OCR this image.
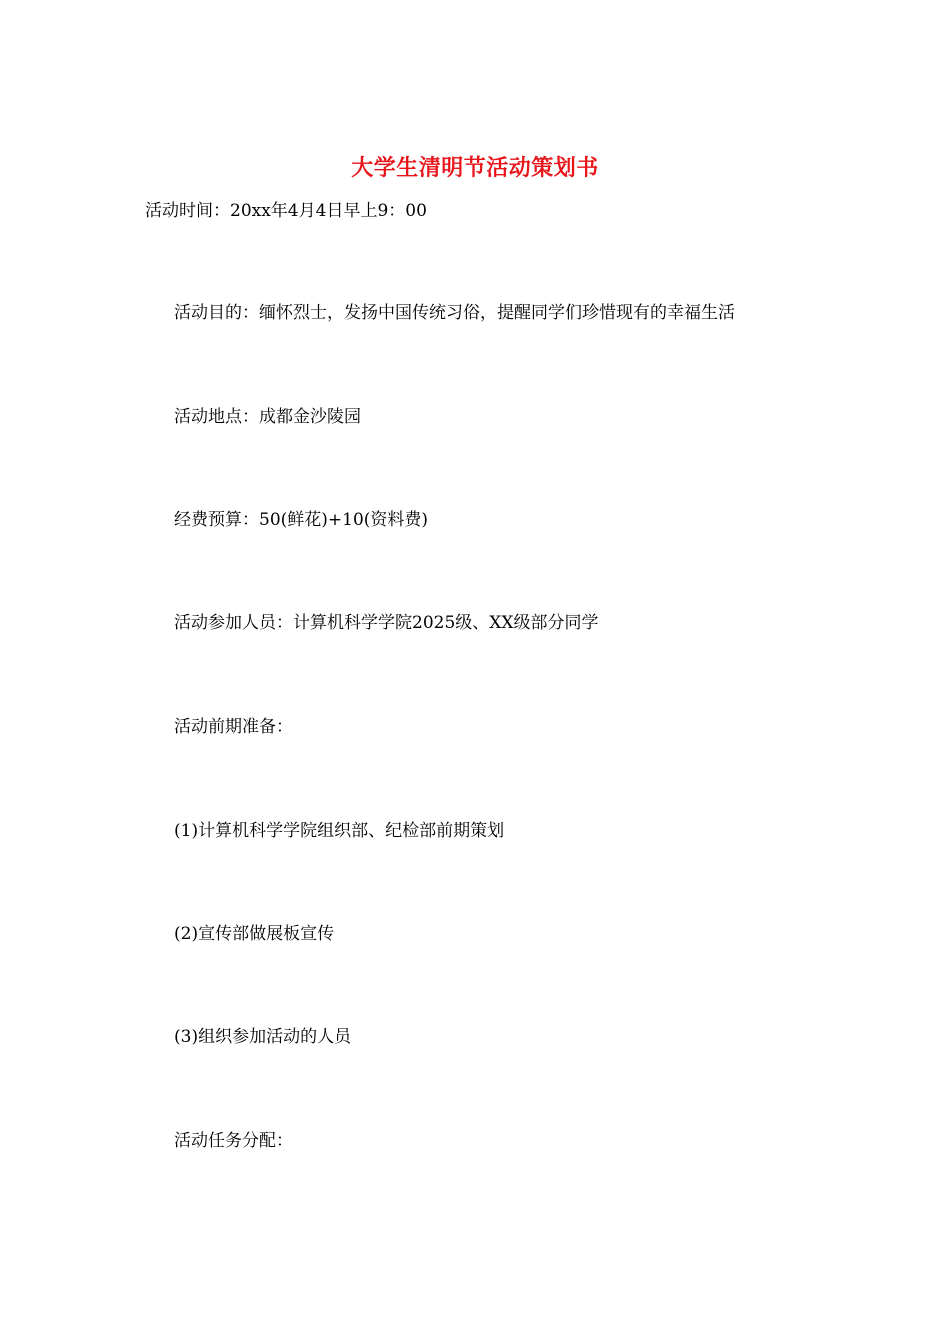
大学生清明节活动策划书
活动时间：20xx年4月4日早上9：00
活动目的：缅怀烈士，发扬中国传统习俗，提醒同学们珍惜现有的幸福生活
活动地点：成都金沙陵园
经费预算：50(鲜花)+10(资料费)
活动参加人员：计算机科学学院2025级、XX级部分同学
活动前期准备：
(1)计算机科学学院组织部、纪检部前期策划
(2)宣传部做展板宣传
(3)组织参加活动的人员
活动任务分配：
